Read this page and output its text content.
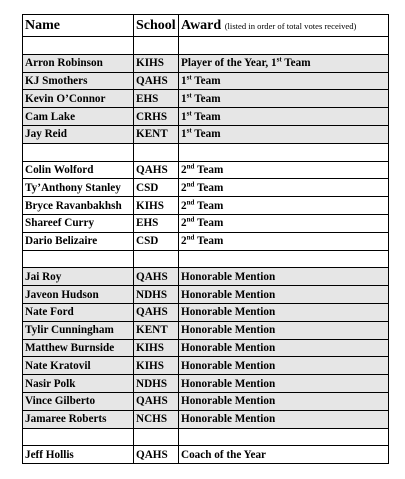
Name	School	Award (listed in order of total votes received)

Arron Robinson	KIHS	Player of the Year, 1st Team
KJ Smothers	QAHS	1st Team
Kevin O’Connor	EHS	1st Team
Cam Lake	CRHS	1st Team
Jay Reid	KENT	1st Team

Colin Wolford	QAHS	2nd Team
Ty’Anthony Stanley	CSD	2nd Team
Bryce Ravanbakhsh	KIHS	2nd Team
Shareef Curry	EHS	2nd Team
Dario Belizaire	CSD	2nd Team

Jai Roy	QAHS	Honorable Mention
Javeon Hudson	NDHS	Honorable Mention
Nate Ford	QAHS	Honorable Mention
Tylir Cunningham	KENT	Honorable Mention
Matthew Burnside	KIHS	Honorable Mention
Nate Kratovil	KIHS	Honorable Mention
Nasir Polk	NDHS	Honorable Mention
Vince Gilberto	QAHS	Honorable Mention
Jamaree Roberts	NCHS	Honorable Mention

Jeff Hollis	QAHS	Coach of the Year
